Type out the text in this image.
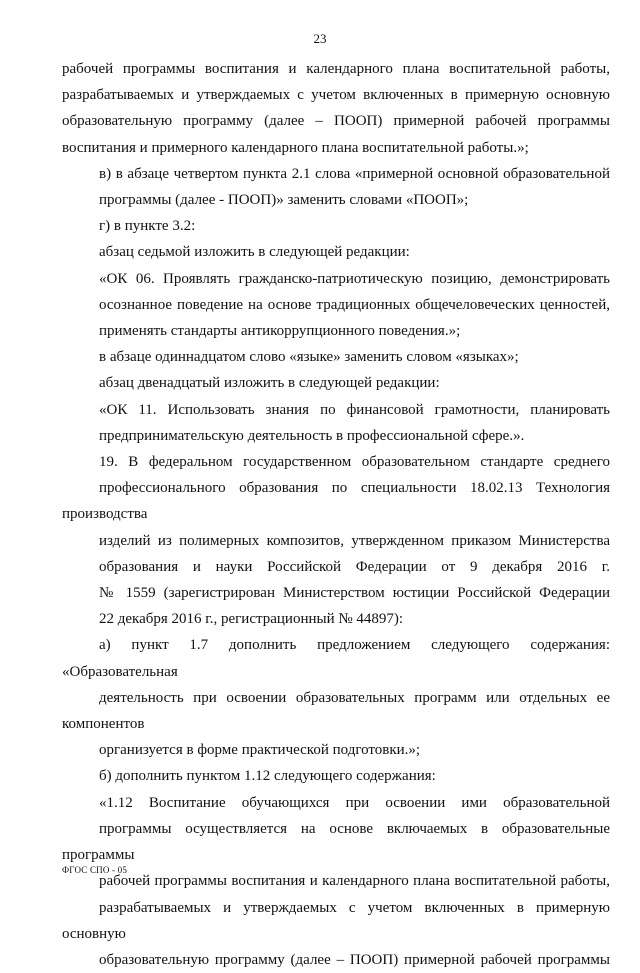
23

рабочей программы воспитания и календарного плана воспитательной работы,
разрабатываемых и утверждаемых с учетом включенных в примерную основную
образовательную программу (далее – ПООП) примерной рабочей программы
воспитания и примерного календарного плана воспитательной работы.»;

в) в абзаце четвертом пункта 2.1 слова «примерной основной образовательной
программы (далее - ПООП)» заменить словами «ПООП»;

г) в пункте 3.2:

абзац седьмой изложить в следующей редакции:

«ОК 06. Проявлять гражданско-патриотическую позицию, демонстрировать
осознанное поведение на основе традиционных общечеловеческих ценностей,
применять стандарты антикоррупционного поведения.»;

в абзаце одиннадцатом слово «языке» заменить словом «языках»;

абзац двенадцатый изложить в следующей редакции:

«ОК 11. Использовать знания по финансовой грамотности, планировать
предпринимательскую деятельность в профессиональной сфере.».

19. В федеральном государственном образовательном стандарте среднего
профессионального образования по специальности 18.02.13 Технология производства
изделий из полимерных композитов, утвержденном приказом Министерства
образования и науки Российской Федерации от 9 декабря 2016 г.
№ 1559 (зарегистрирован Министерством юстиции Российской Федерации
22 декабря 2016 г., регистрационный № 44897):

а) пункт 1.7 дополнить предложением следующего содержания: «Образовательная
деятельность при освоении образовательных программ или отдельных ее компонентов
организуется в форме практической подготовки.»;

б) дополнить пунктом 1.12 следующего содержания:

«1.12 Воспитание обучающихся при освоении ими образовательной
программы осуществляется на основе включаемых в образовательные программы
рабочей программы воспитания и календарного плана воспитательной работы,
разрабатываемых и утверждаемых с учетом включенных в примерную основную
образовательную программу (далее – ПООП) примерной рабочей программы

ФГОС СПО - 05
